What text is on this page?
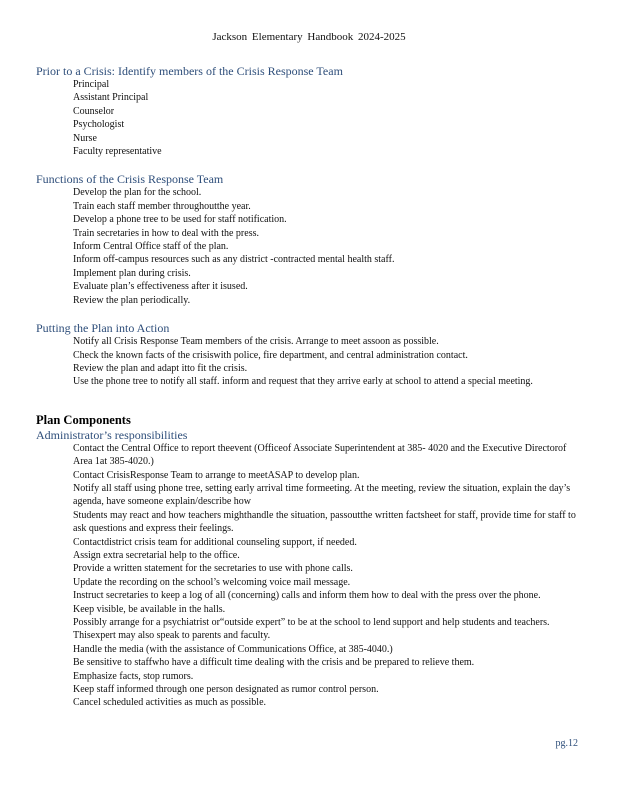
Jackson Elementary Handbook 2024-2025

Prior to a Crisis: Identify members of the Crisis Response Team

Principal
Assistant Principal
Counselor
Psychologist
Nurse
Faculty representative

Functions of the Crisis Response Team

Develop the plan for the school.
Train each staff member throughoutthe year.
Develop a phone tree to be used for staff notification.
Train secretaries in how to deal with the press.
Inform Central Office staff of the plan.
Inform off-campus resources such as any district -contracted mental health staff.
Implement plan during crisis.
Evaluate plan’s effectiveness after it isused.
Review the plan periodically.

Putting the Plan into Action

Notify all Crisis Response Team members of the crisis. Arrange to meet assoon as possible.
Check the known facts of the crisiswith police, fire department, and central administration contact.
Review the plan and adapt itto fit the crisis.
Use the phone tree to notify all staff. inform and request that they arrive early at school to attend a special meeting.

Plan Components

Administrator’s responsibilities

Contact the Central Office to report theevent (Officeof Associate Superintendent at 385- 4020 and the Executive Directorof Area 1at 385-4020.)
Contact CrisisResponse Team to arrange to meetASAP to develop plan.
Notify all staff using phone tree, setting early arrival time formeeting. At the meeting, review the situation, explain the day’s agenda, have someone explain/describe how
Students may react and how teachers mighthandle the situation, passoutthe written factsheet for staff, provide time for staff to ask questions and express their feelings.
Contactdistrict crisis team for additional counseling support, if needed.
Assign extra secretarial help to the office.
Provide a written statement for the secretaries to use with phone calls.
Update the recording on the school’s welcoming voice mail message.
Instruct secretaries to keep a log of all (concerning) calls and inform them how to deal with the press over the phone.
Keep visible, be available in the halls.
Possibly arrange for a psychiatrist or“outside expert” to be at the school to lend support and help students and teachers. Thisexpert may also speak to parents and faculty.
Handle the media (with the assistance of Communications Office, at 385-4040.)
Be sensitive to staffwho have a difficult time dealing with the crisis and be prepared to relieve them.
Emphasize facts, stop rumors.
Keep staff informed through one person designated as rumor control person.
Cancel scheduled activities as much as possible.
pg.12
